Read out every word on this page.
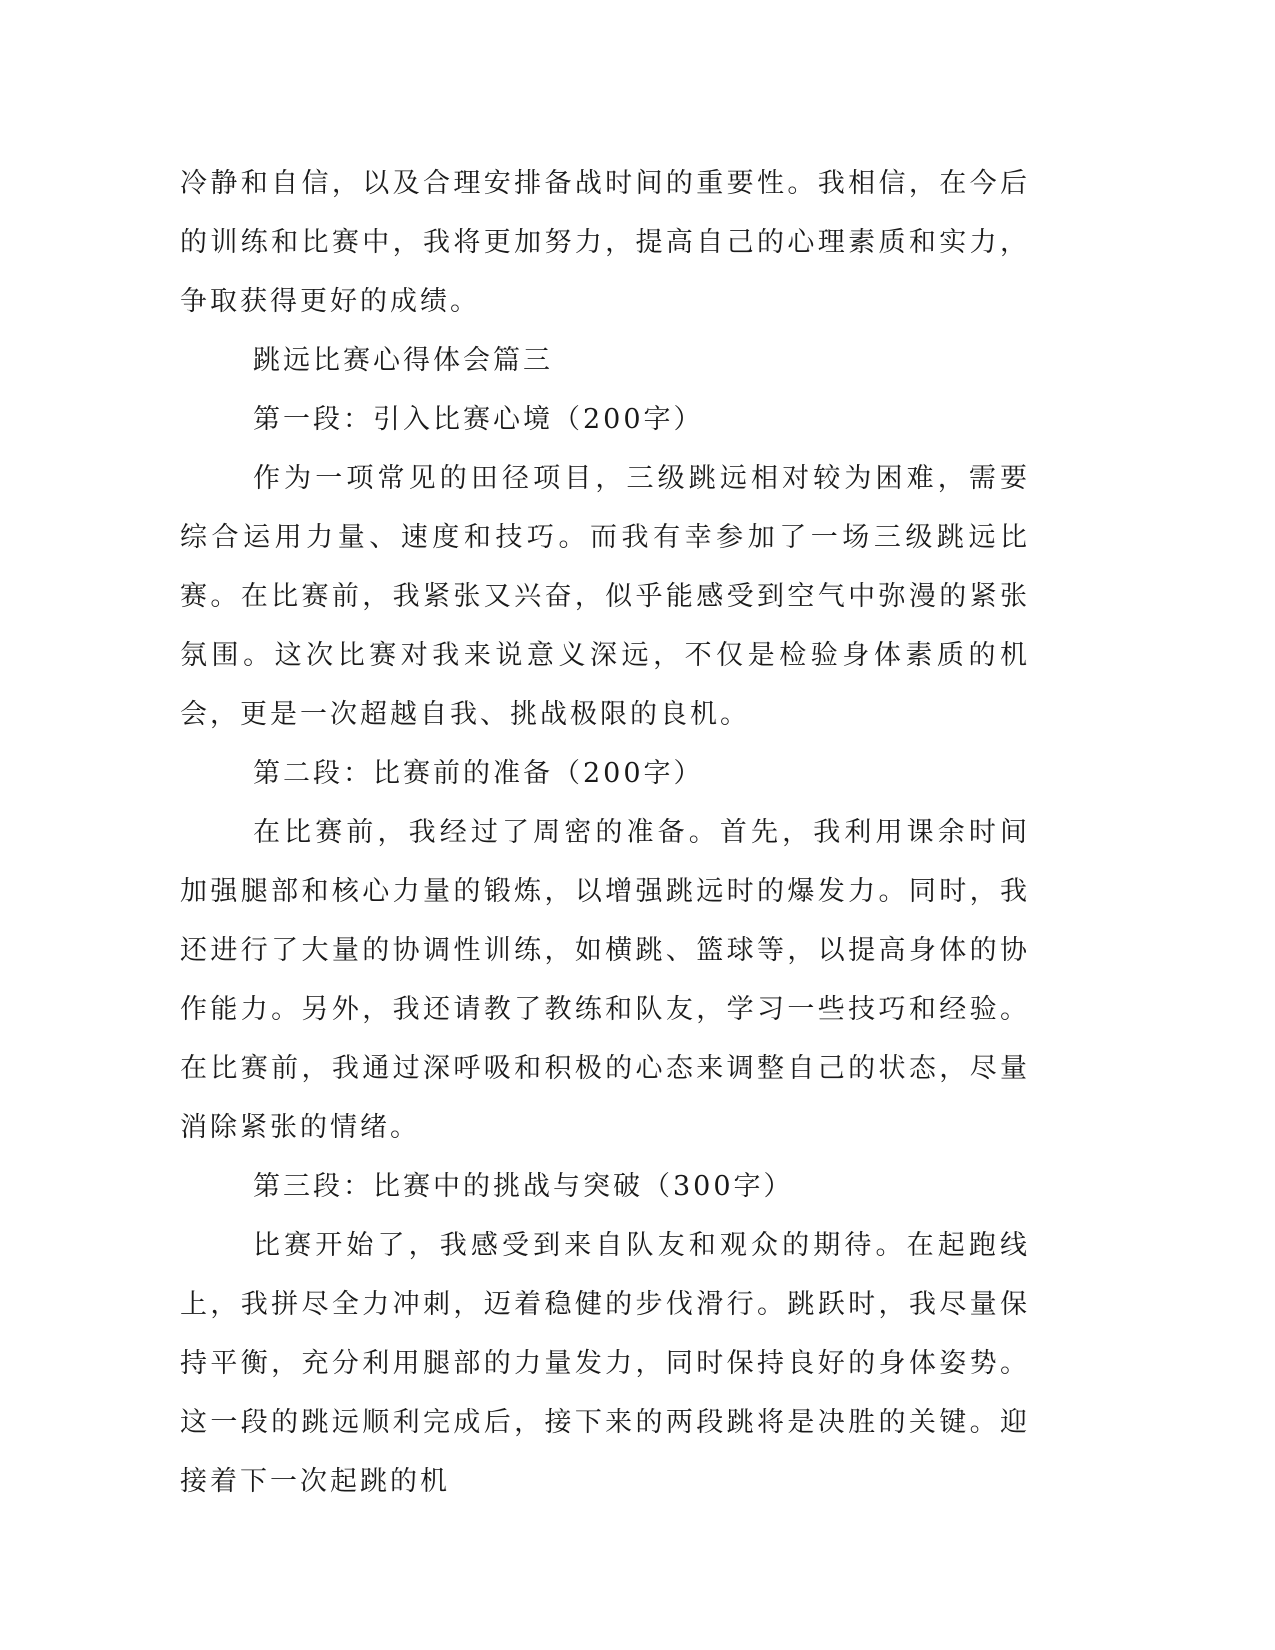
冷静和自信，以及合理安排备战时间的重要性。我相信，在今后的训练和比赛中，我将更加努力，提高自己的心理素质和实力，争取获得更好的成绩。

跳远比赛心得体会篇三

第一段：引入比赛心境（200字）

作为一项常见的田径项目，三级跳远相对较为困难，需要综合运用力量、速度和技巧。而我有幸参加了一场三级跳远比赛。在比赛前，我紧张又兴奋，似乎能感受到空气中弥漫的紧张氛围。这次比赛对我来说意义深远，不仅是检验身体素质的机会，更是一次超越自我、挑战极限的良机。

第二段：比赛前的准备（200字）

在比赛前，我经过了周密的准备。首先，我利用课余时间加强腿部和核心力量的锻炼，以增强跳远时的爆发力。同时，我还进行了大量的协调性训练，如横跳、篮球等，以提高身体的协作能力。另外，我还请教了教练和队友，学习一些技巧和经验。在比赛前，我通过深呼吸和积极的心态来调整自己的状态，尽量消除紧张的情绪。

第三段：比赛中的挑战与突破（300字）

比赛开始了，我感受到来自队友和观众的期待。在起跑线上，我拼尽全力冲刺，迈着稳健的步伐滑行。跳跃时，我尽量保持平衡，充分利用腿部的力量发力，同时保持良好的身体姿势。这一段的跳远顺利完成后，接下来的两段跳将是决胜的关键。迎接着下一次起跳的机
